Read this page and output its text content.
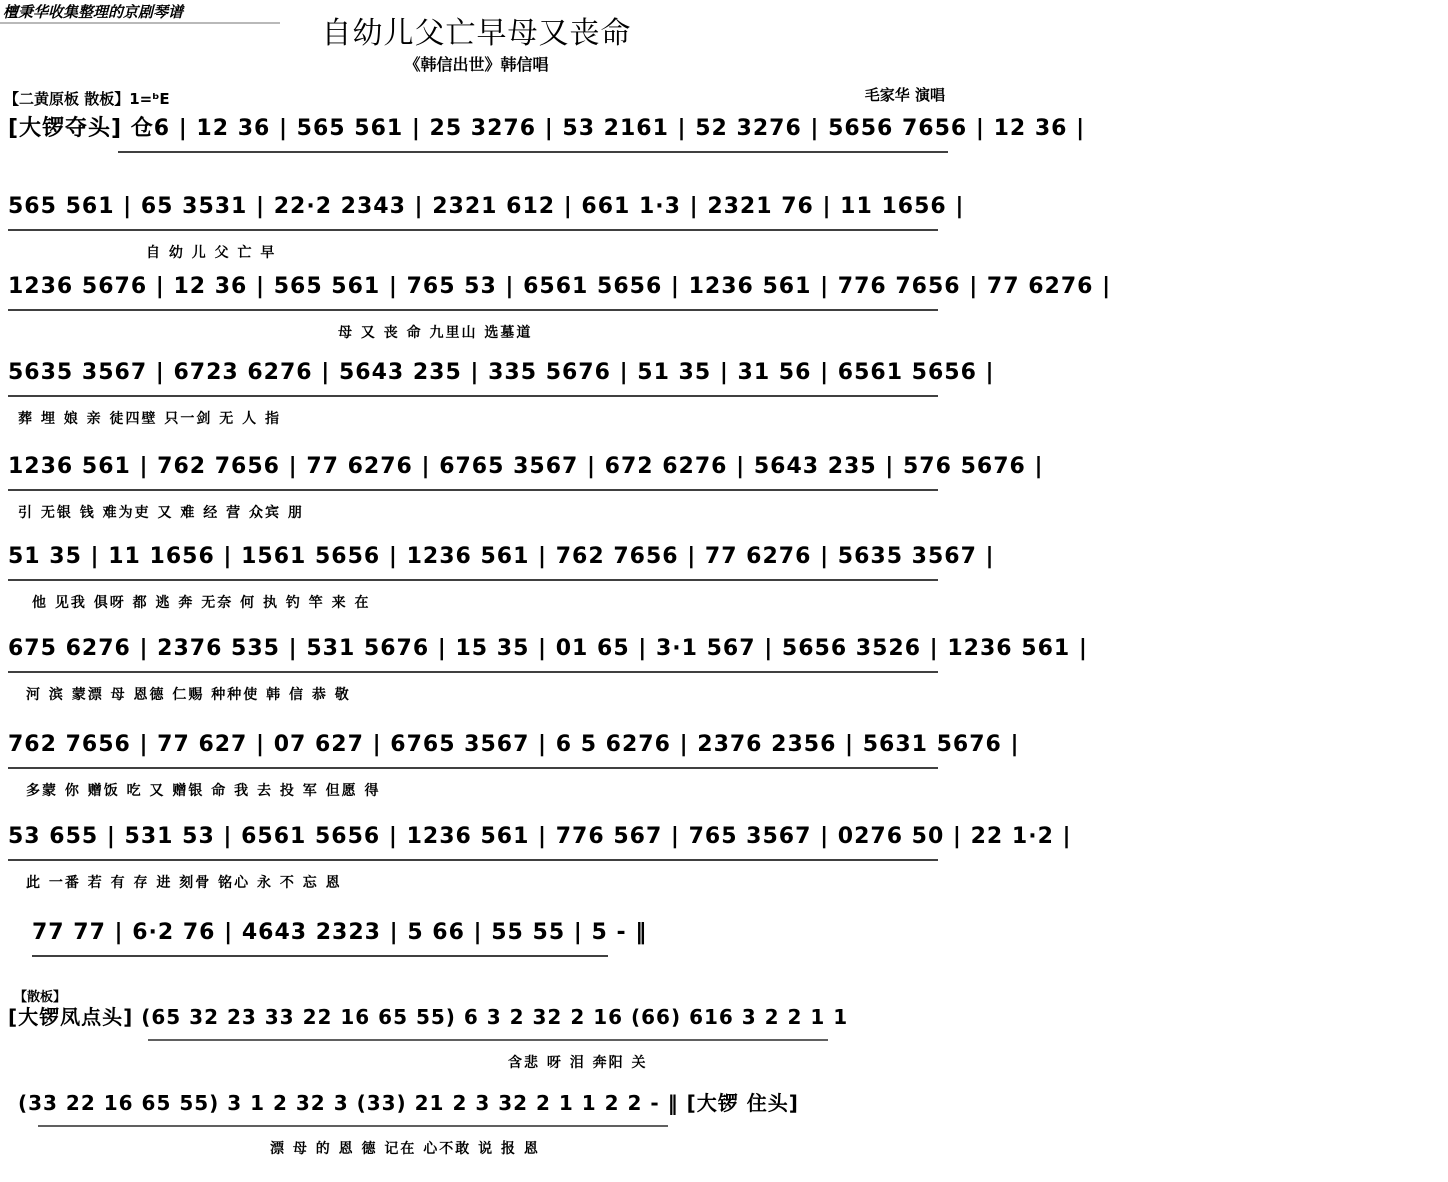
檀秉华收集整理的京剧琴谱
自幼儿父亡早母又丧命
《韩信出世》韩信唱
【二黄原板 散板】1=ᵇE	毛家华 演唱
[大锣夺头] 仓6 | 12 36 | 565 561 | 25 3276 | 53 2161 | 52 3276 | 5656 7656 | 12 36 |
565 561 | 65 3531 | 22·2 2343 | 2321 612 | 661 1·3 | 2321 76 | 11 1656 |
自 幼 儿 父 亡 早
1236 5676 | 12 36 | 565 561 | 765 53 | 6561 5656 | 1236 561 | 776 7656 | 77 6276 |
母 又 丧 命 九里山 选墓道
5635 3567 | 6723 6276 | 5643 235 | 335 5676 | 51 35 | 31 56 | 6561 5656 |
葬 埋 娘 亲 徒四壁 只一剑 无 人 指
1236 561 | 762 7656 | 77 6276 | 6765 3567 | 672 6276 | 5643 235 | 576 5676 |
引 无银 钱 难为吏 又 难 经 营 众宾 朋
51 35 | 11 1656 | 1561 5656 | 1236 561 | 762 7656 | 77 6276 | 5635 3567 |
他 见我 俱呀 都 逃 奔 无奈 何 执 钓 竿 来 在
675 6276 | 2376 535 | 531 5676 | 15 35 | 01 65 | 3·1 567 | 5656 3526 | 1236 561 |
河 滨 蒙漂 母 恩德 仁赐 种种使 韩 信 恭 敬
762 7656 | 77 627 | 07 627 | 6765 3567 | 6 5 6276 | 2376 2356 | 5631 5676 |
多蒙 你 赠饭 吃 又 赠银 命 我 去 投 军 但愿 得
53 655 | 531 53 | 6561 5656 | 1236 561 | 776 567 | 765 3567 | 0276 50 | 22 1·2 |
此 一番 若 有 存 进 刻骨 铭心 永 不 忘 恩
77 77 | 6·2 76 | 4643 2323 | 5 66 | 55 55 | 5 - ‖
【散板】
[大锣凤点头] (65 32 23 33 22 16 65 55) 6 3 2 32 2 16 (66) 616 3 2 2 1 1
含悲 呀 泪 奔阳 关
(33 22 16 65 55) 3 1 2 32 3 (33) 21 2 3 32 2 1 1 2 2 - ‖ [大锣 住头]
漂 母 的 恩 德 记在 心不敢 说 报 恩
